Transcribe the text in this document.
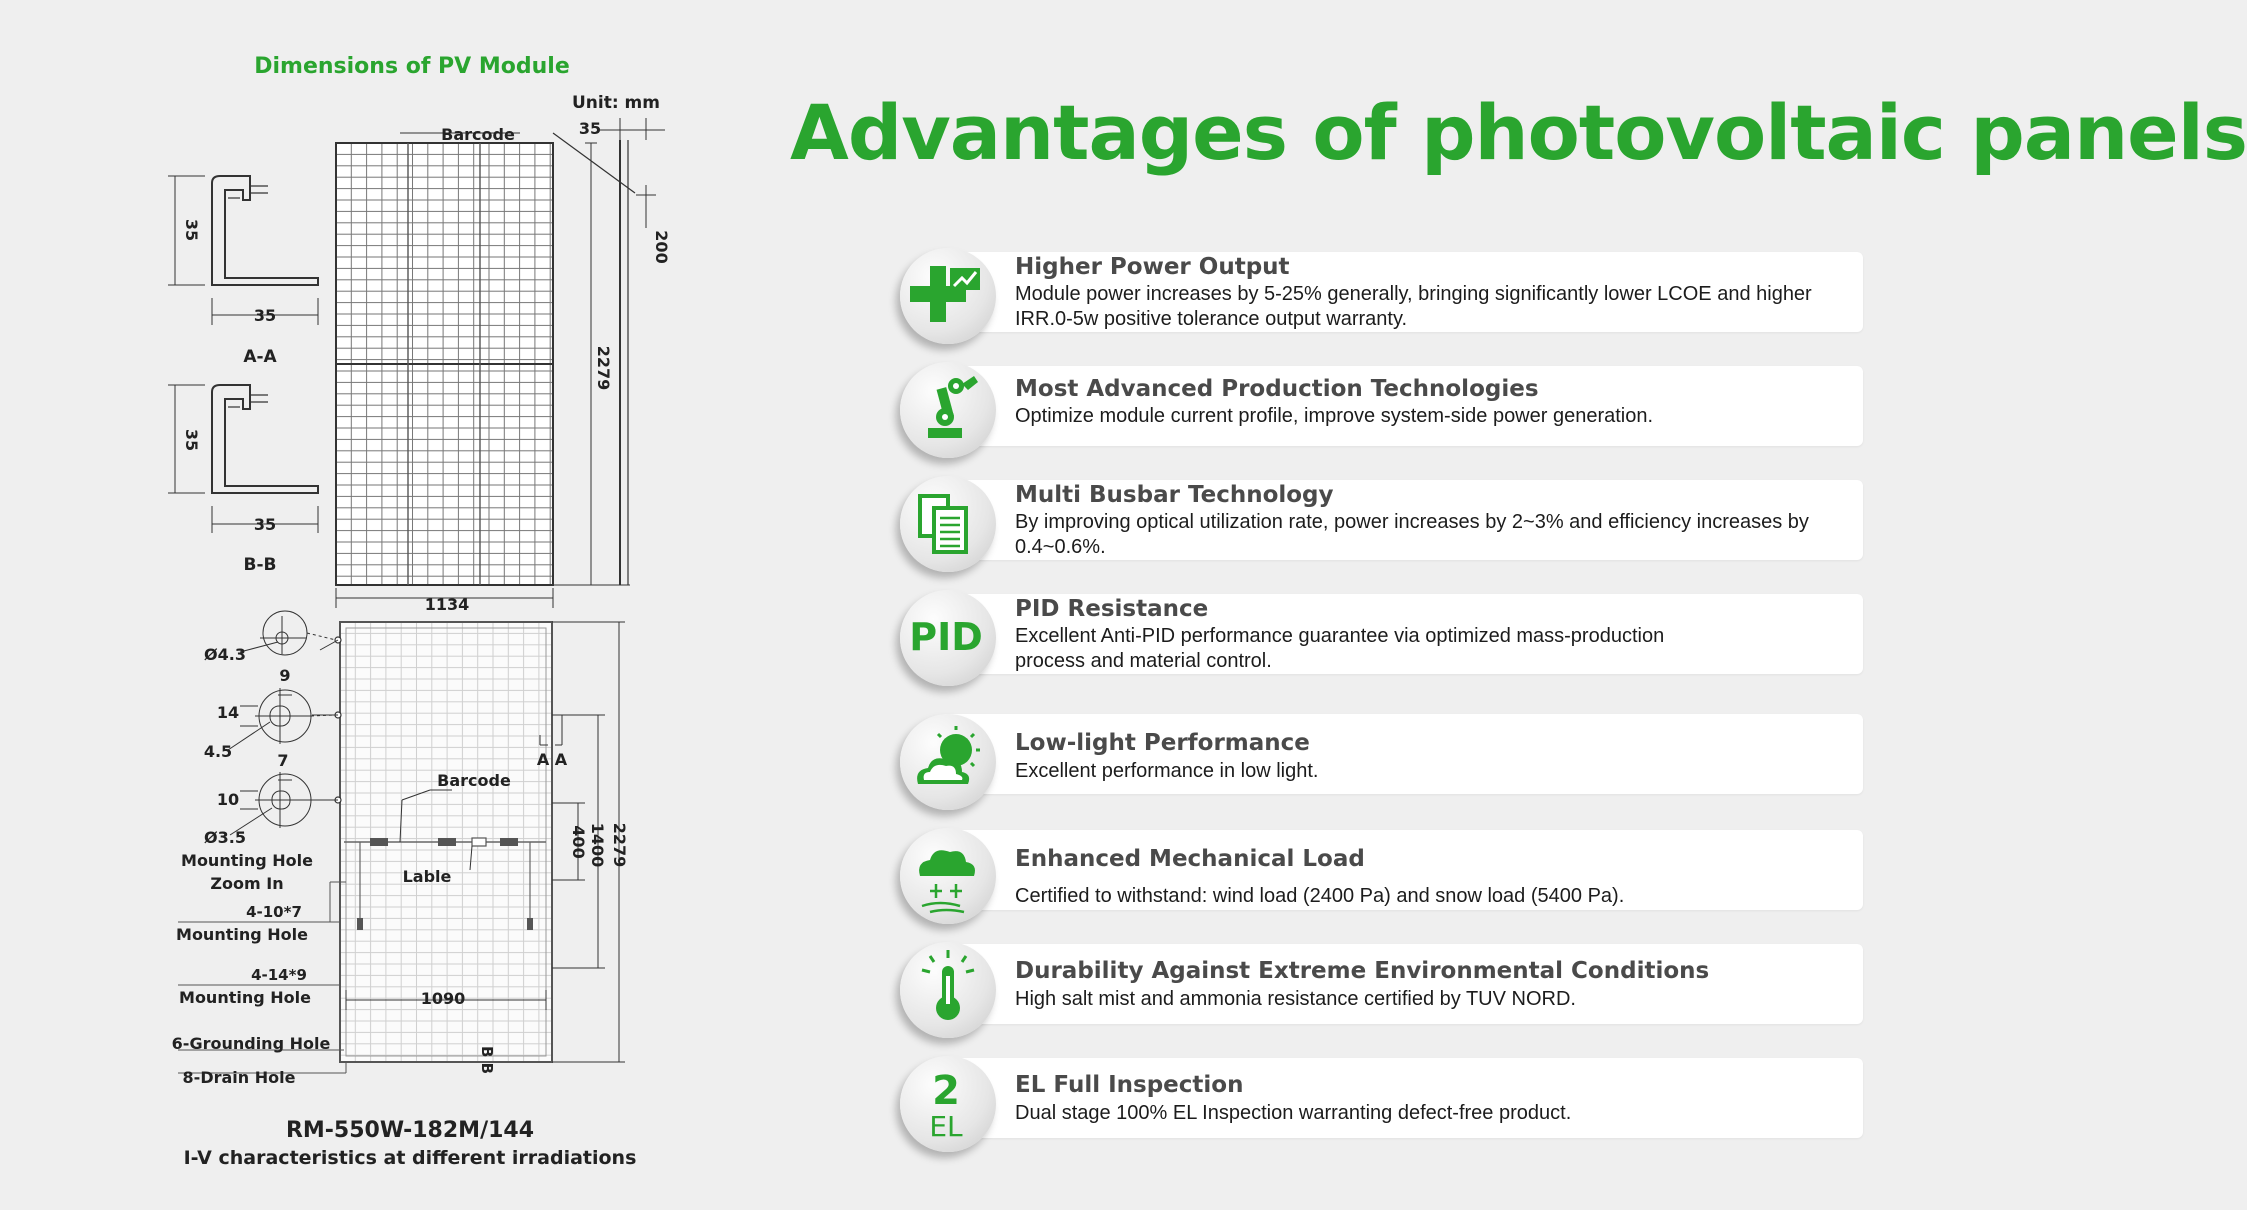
Dimensions of PV Module
Unit: mm
Barcode	35
200
2279
1134
35
35
A-A
35
35
B-B
Ø4.3
9
14
4.5	7
10
Ø3.5
Mounting Hole
Zoom In
4-10*7
Mounting Hole
4-14*9
Mounting Hole
6-Grounding Hole
8-Drain Hole
Barcode
Lable
A A
B B
1090
400 1400 2279
RM-550W-182M/144
I-V characteristics at different irradiations
Advantages of photovoltaic panels
Higher Power Output
Module power increases by 5-25% generally, bringing significantly lower LCOE and higher IRR.0-5w positive tolerance output warranty.
Most Advanced Production Technologies
Optimize module current profile, improve system-side power generation.
Multi Busbar Technology
By improving optical utilization rate, power increases by 2~3% and efficiency increases by 0.4~0.6%.
PID
PID Resistance
Excellent Anti-PID performance guarantee via optimized mass-production process and material control.
Low-light Performance
Excellent performance in low light.
Enhanced Mechanical Load
Certified to withstand: wind load (2400 Pa) and snow load (5400 Pa).
Durability Against Extreme Environmental Conditions
High salt mist and ammonia resistance certified by TUV NORD.
2
EL
EL Full Inspection
Dual stage 100% EL Inspection warranting defect-free product.
